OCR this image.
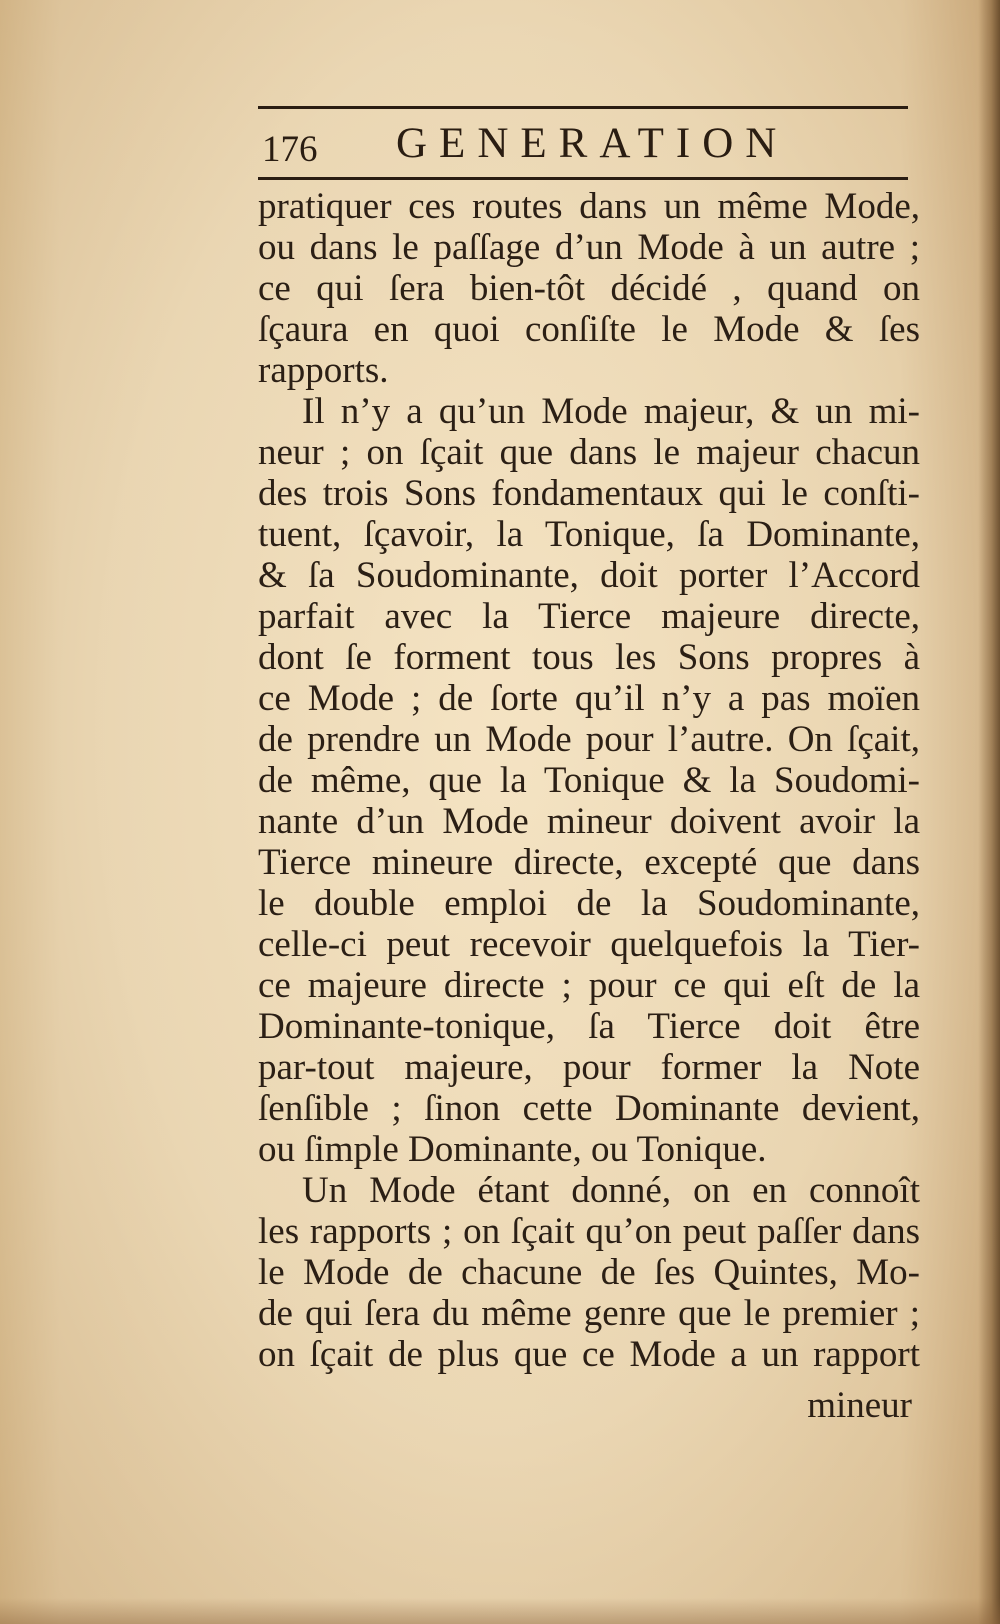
176 GENERATION
pratiquer ces routes dans un même Mode,
ou dans le paſſage d’un Mode à un autre ;
ce qui ſera bien-tôt décidé , quand on
ſçaura en quoi conſiſte le Mode & ſes
rapports.
Il n’y a qu’un Mode majeur, & un mi-
neur ; on ſçait que dans le majeur chacun
des trois Sons fondamentaux qui le conſti-
tuent, ſçavoir, la Tonique, ſa Dominante,
& ſa Soudominante, doit porter l’Accord
parfait avec la Tierce majeure directe,
dont ſe forment tous les Sons propres à
ce Mode ; de ſorte qu’il n’y a pas moïen
de prendre un Mode pour l’autre. On ſçait,
de même, que la Tonique & la Soudomi-
nante d’un Mode mineur doivent avoir la
Tierce mineure directe, excepté que dans
le double emploi de la Soudominante,
celle-ci peut recevoir quelquefois la Tier-
ce majeure directe ; pour ce qui eſt de la
Dominante-tonique, ſa Tierce doit être
par-tout majeure, pour former la Note
ſenſible ; ſinon cette Dominante devient,
ou ſimple Dominante, ou Tonique.
Un Mode étant donné, on en connoît
les rapports ; on ſçait qu’on peut paſſer dans
le Mode de chacune de ſes Quintes, Mo-
de qui ſera du même genre que le premier ;
on ſçait de plus que ce Mode a un rapport
mineur
